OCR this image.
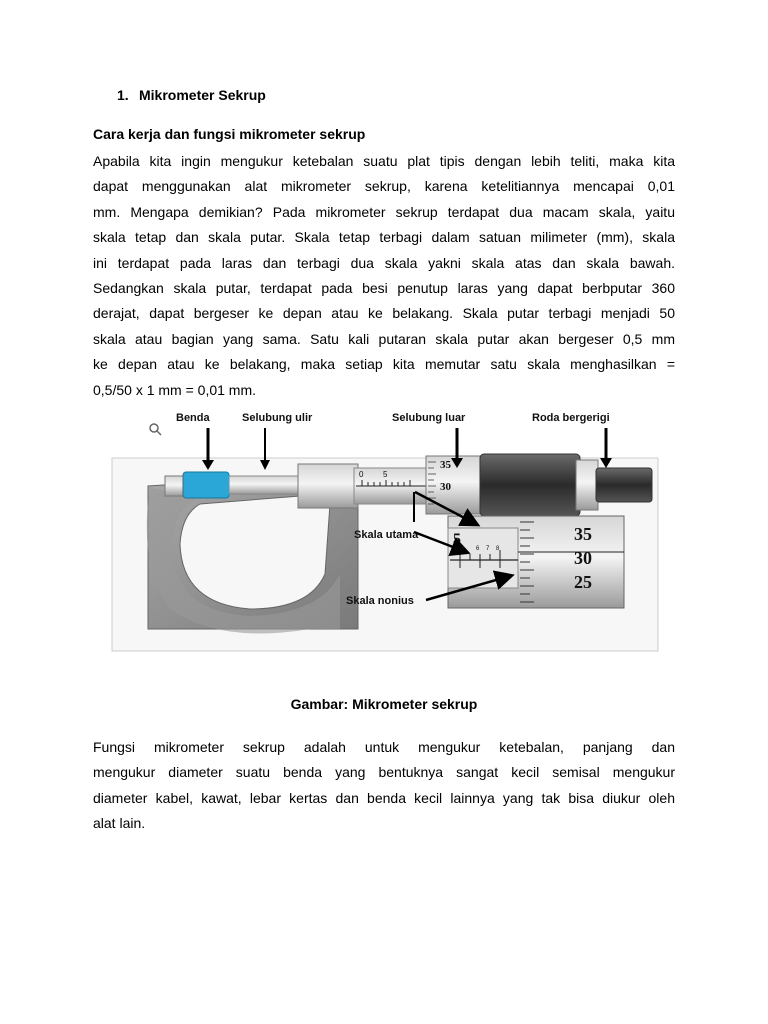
1. Mikrometer Sekrup
Cara kerja dan fungsi mikrometer sekrup
Apabila kita ingin mengukur ketebalan suatu plat tipis dengan lebih teliti, maka kita
dapat menggunakan alat mikrometer sekrup, karena ketelitiannya mencapai 0,01
mm. Mengapa demikian? Pada mikrometer sekrup terdapat dua macam skala, yaitu
skala tetap dan skala putar. Skala tetap terbagi dalam satuan milimeter (mm), skala
ini terdapat pada laras dan terbagi dua skala yakni skala atas dan skala bawah.
Sedangkan skala putar, terdapat pada besi penutup laras yang dapat berbputar 360
derajat, dapat bergeser ke depan atau ke belakang. Skala putar terbagi menjadi 50
skala atau bagian yang sama. Satu kali putaran skala putar akan bergeser 0,5 mm
ke depan atau ke belakang, maka setiap kita memutar satu skala menghasilkan =
0,5/50 x 1 mm = 0,01 mm.
0 5
35
30
5
6 7 8
35
30
25
Benda	Selubung ulir	Selubung luar	Roda bergerigi
Skala utama
Skala nonius
Gambar: Mikrometer sekrup
Fungsi mikrometer sekrup adalah untuk mengukur ketebalan, panjang dan
mengukur diameter suatu benda yang bentuknya sangat kecil semisal mengukur
diameter kabel, kawat, lebar kertas dan benda kecil lainnya yang tak bisa diukur oleh
alat lain.
